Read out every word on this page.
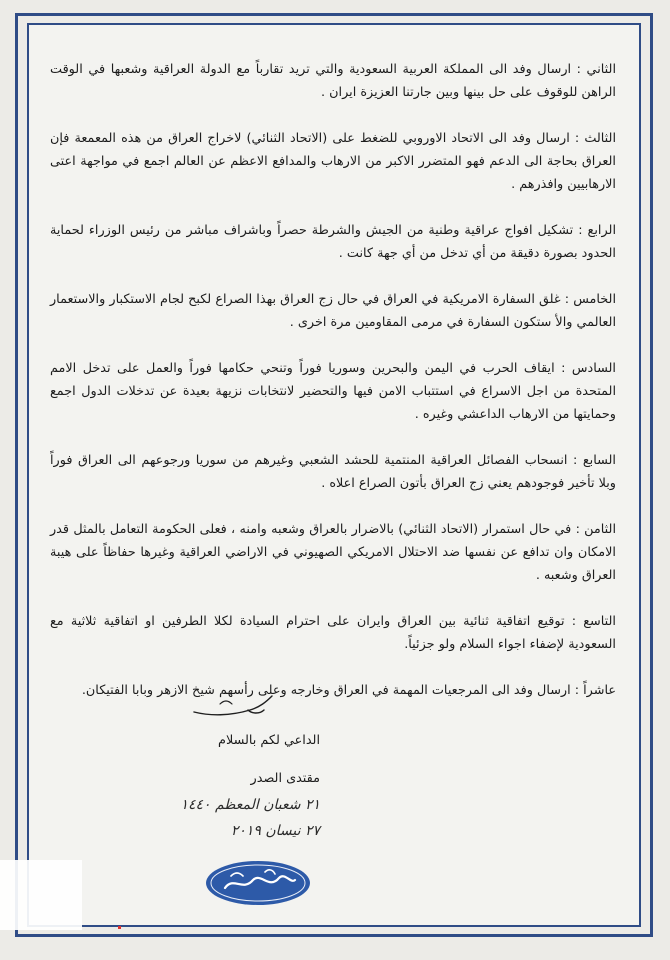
الثاني : ارسال وفد الى المملكة العربية السعودية والتي تريد تقارباً مع الدولة العراقية وشعبها في الوقت الراهن للوقوف على حل بينها وبين جارتنا العزيزة ايران .

الثالث : ارسال وفد الى الاتحاد الاوروبي للضغط على (الاتحاد الثنائي) لاخراج العراق من هذه المعمعة فإن العراق بحاجة الى الدعم فهو المتضرر الاكبر من الارهاب والمدافع الاعظم عن العالم اجمع في مواجهة اعتى الارهابيين وافذرهم .

الرابع : تشكيل افواج عراقية وطنية من الجيش والشرطة حصراً وباشراف مباشر من رئيس الوزراء لحماية الحدود بصورة دقيقة من أي تدخل من أي جهة كانت .

الخامس : غلق السفارة الامريكية في العراق في حال زج العراق بهذا الصراع لكبح لجام الاستكبار والاستعمار العالمي والأ ستكون السفارة في مرمى المقاومين مرة اخرى .

السادس : ايقاف الحرب في اليمن والبحرين وسوريا فوراً وتنحي حكامها فوراً والعمل على تدخل الامم المتحدة من اجل الاسراع في استتباب الامن فيها والتحضير لانتخابات نزيهة بعيدة عن تدخلات الدول اجمع وحمايتها من الارهاب الداعشي وغيره .

السابع : انسحاب الفصائل العراقية المنتمية للحشد الشعبي وغيرهم من سوريا ورجوعهم الى العراق فوراً وبلا تأخير فوجودهم يعني زج العراق بأتون الصراع اعلاه .

الثامن : في حال استمرار (الاتحاد الثنائي) بالاضرار بالعراق وشعبه وامنه ، فعلى الحكومة التعامل بالمثل قدر الامكان وان تدافع عن نفسها ضد الاحتلال الامريكي الصهيوني في الاراضي العراقية وغيرها حفاظاً على هيبة العراق وشعبه .

التاسع : توقيع اتفاقية ثنائية بين العراق وايران على احترام السيادة لكلا الطرفين او اتفاقية ثلاثية مع السعودية لإضفاء اجواء السلام ولو جزئياً.

عاشراً : ارسال وفد الى المرجعيات المهمة في العراق وخارجه وعلى رأسهم شيخ الازهر وبابا الفتيكان.

الداعي لكم بالسلام
مقتدى الصدر
٢١ شعبان المعظم ١٤٤٠
٢٧ نيسان ٢٠١٩
